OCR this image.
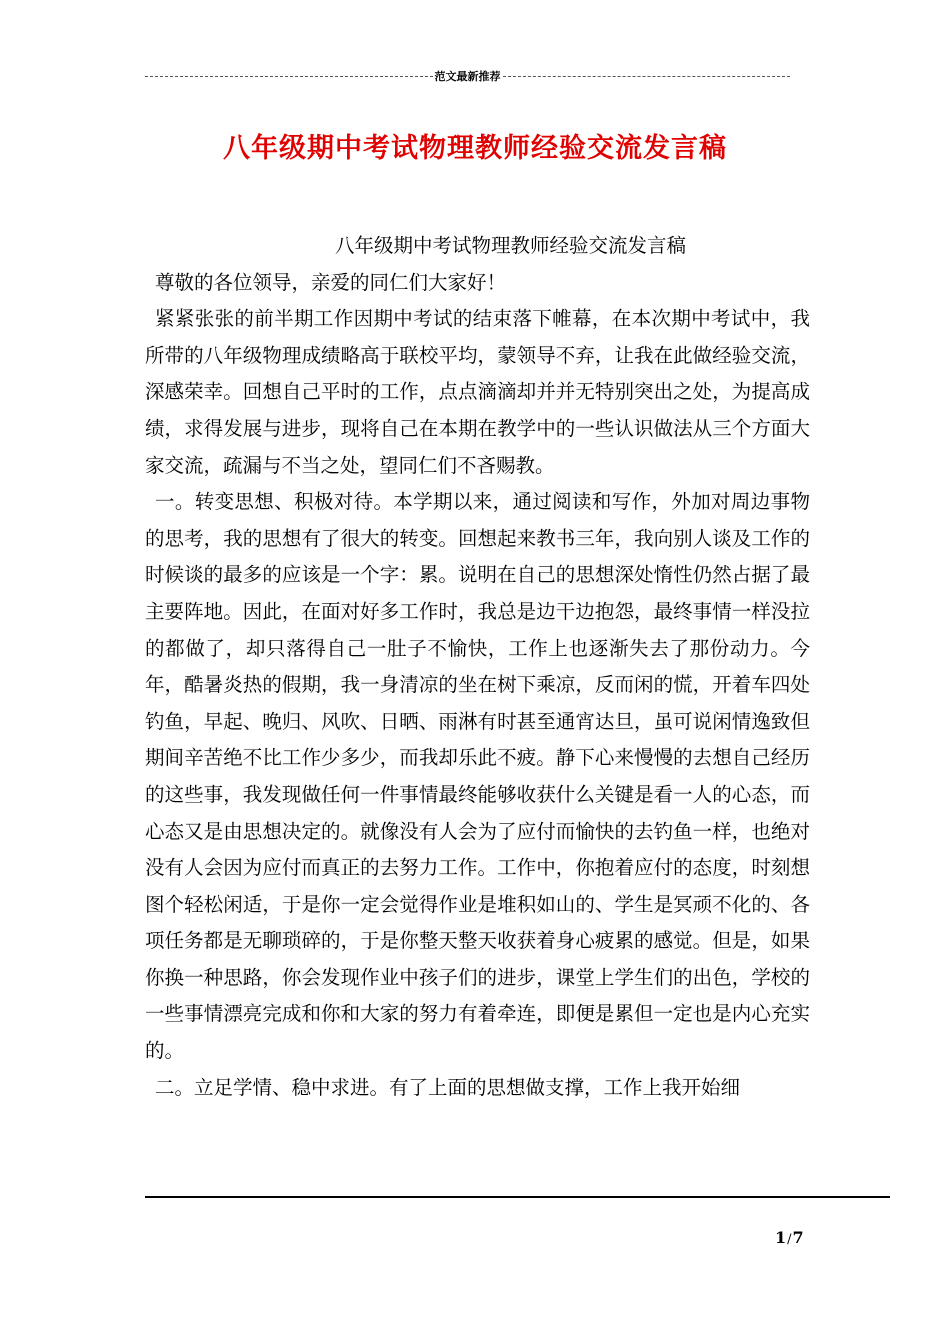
范文最新推荐
八年级期中考试物理教师经验交流发言稿

八年级期中考试物理教师经验交流发言稿

尊敬的各位领导，亲爱的同仁们大家好！

紧紧张张的前半期工作因期中考试的结束落下帷幕，在本次期中考试中，我所带的八年级物理成绩略高于联校平均，蒙领导不弃，让我在此做经验交流，深感荣幸。回想自己平时的工作，点点滴滴却并并无特别突出之处，为提高成绩，求得发展与进步，现将自己在本期在教学中的一些认识做法从三个方面大家交流，疏漏与不当之处，望同仁们不吝赐教。

一。转变思想、积极对待。本学期以来，通过阅读和写作，外加对周边事物的思考，我的思想有了很大的转变。回想起来教书三年，我向别人谈及工作的时候谈的最多的应该是一个字：累。说明在自己的思想深处惰性仍然占据了最主要阵地。因此，在面对好多工作时，我总是边干边抱怨，最终事情一样没拉的都做了，却只落得自己一肚子不愉快，工作上也逐渐失去了那份动力。今年，酷暑炎热的假期，我一身清凉的坐在树下乘凉，反而闲的慌，开着车四处钓鱼，早起、晚归、风吹、日晒、雨淋有时甚至通宵达旦，虽可说闲情逸致但期间辛苦绝不比工作少多少，而我却乐此不疲。静下心来慢慢的去想自己经历的这些事，我发现做任何一件事情最终能够收获什么关键是看一人的心态，而心态又是由思想决定的。就像没有人会为了应付而愉快的去钓鱼一样，也绝对没有人会因为应付而真正的去努力工作。工作中，你抱着应付的态度，时刻想图个轻松闲适，于是你一定会觉得作业是堆积如山的、学生是冥顽不化的、各项任务都是无聊琐碎的，于是你整天整天收获着身心疲累的感觉。但是，如果你换一种思路，你会发现作业中孩子们的进步，课堂上学生们的出色，学校的一些事情漂亮完成和你和大家的努力有着牵连，即便是累但一定也是内心充实的。

二。立足学情、稳中求进。有了上面的思想做支撑，工作上我开始细

1/7
